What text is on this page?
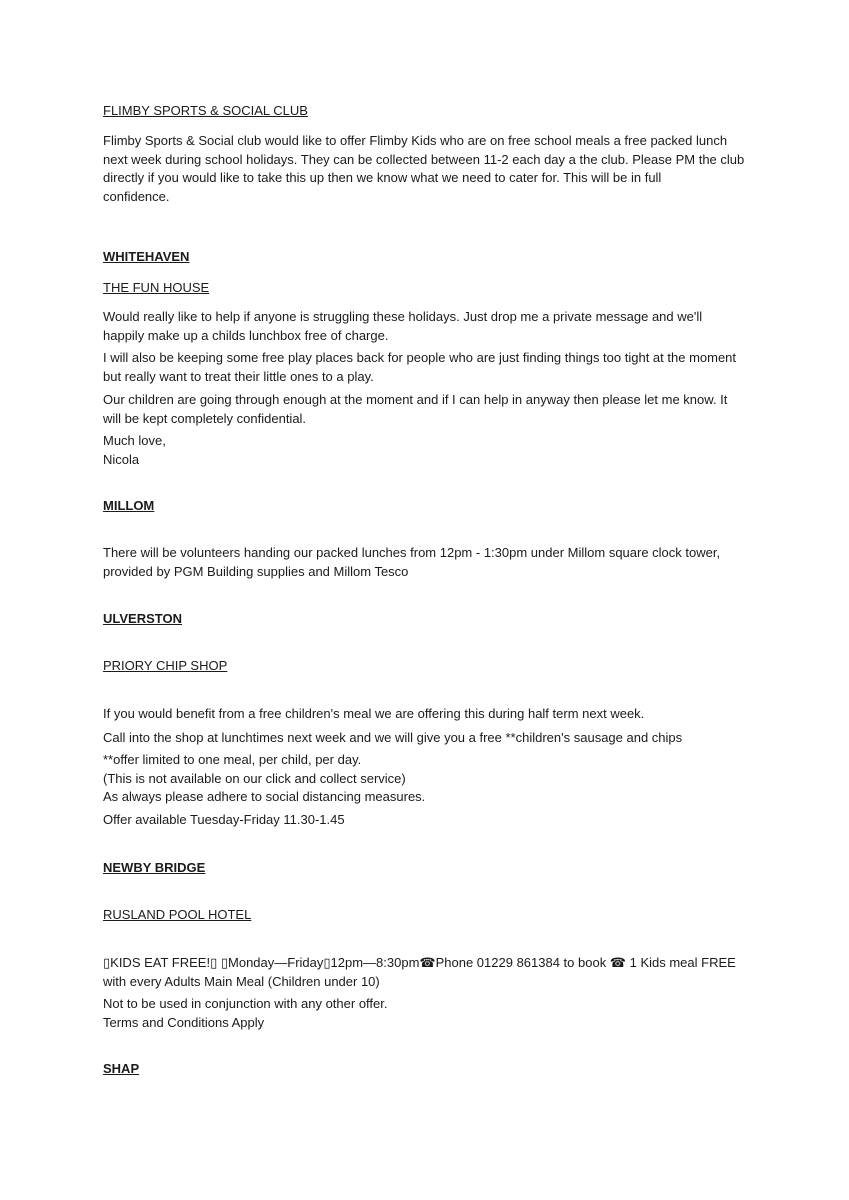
FLIMBY SPORTS & SOCIAL CLUB

Flimby Sports & Social club would like to offer Flimby Kids who are on free school meals a free packed lunch
next week during school holidays. They can be collected between 11-2 each day a the club. Please PM the club
directly if you would like to take this up then we know what we need to cater for. This will be in full
confidence.

WHITEHAVEN

THE FUN HOUSE

Would really like to help if anyone is struggling these holidays. Just drop me a private message and we'll
happily make up a childs lunchbox free of charge.

I will also be keeping some free play places back for people who are just finding things too tight at the moment
but really want to treat their little ones to a play.

Our children are going through enough at the moment and if I can help in anyway then please let me know. It
will be kept completely confidential.

Much love,
Nicola

MILLOM

There will be volunteers handing our packed lunches from 12pm - 1:30pm under Millom square clock tower,
provided by PGM Building supplies and Millom Tesco

ULVERSTON

PRIORY CHIP SHOP

If you would benefit from a free children's meal we are offering this during half term next week.

Call into the shop at lunchtimes next week and we will give you a free **children's sausage and chips

**offer limited to one meal, per child, per day.
(This is not available on our click and collect service)
As always please adhere to social distancing measures.

Offer available Tuesday-Friday 11.30-1.45

NEWBY BRIDGE

RUSLAND POOL HOTEL

▯KIDS EAT FREE!▯ ▯Monday—Friday▯12pm—8:30pm☎Phone 01229 861384 to book ☎ 1 Kids meal FREE
with every Adults Main Meal (Children under 10)

Not to be used in conjunction with any other offer.
Terms and Conditions Apply

SHAP
